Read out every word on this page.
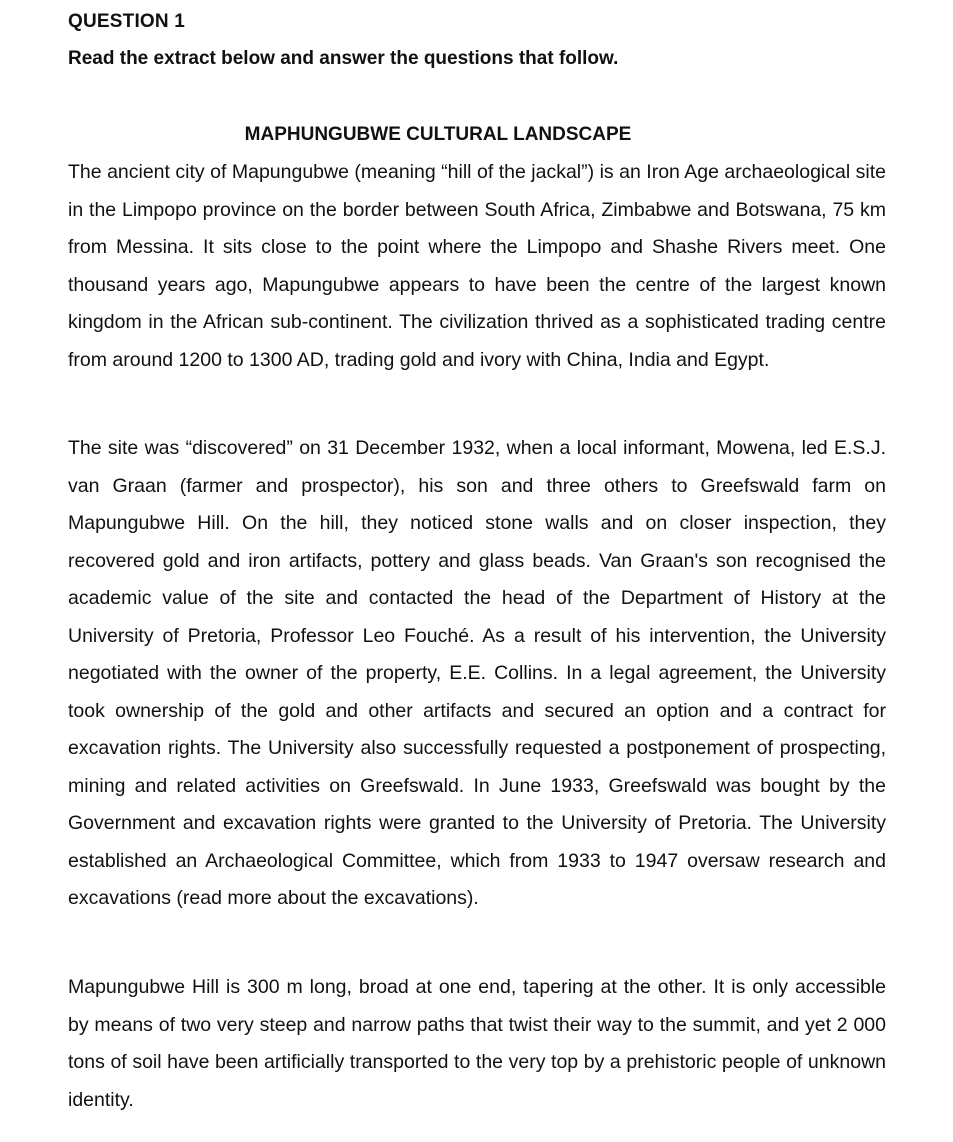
QUESTION 1

Read the extract below and answer the questions that follow.

MAPHUNGUBWE CULTURAL LANDSCAPE

The ancient city of Mapungubwe (meaning “hill of the jackal”) is an Iron Age archaeological site in the Limpopo province on the border between South Africa, Zimbabwe and Botswana, 75 km from Messina. It sits close to the point where the Limpopo and Shashe Rivers meet. One thousand years ago, Mapungubwe appears to have been the centre of the largest known kingdom in the African sub-continent. The civilization thrived as a sophisticated trading centre from around 1200 to 1300 AD, trading gold and ivory with China, India and Egypt.

The site was “discovered” on 31 December 1932, when a local informant, Mowena, led E.S.J. van Graan (farmer and prospector), his son and three others to Greefswald farm on Mapungubwe Hill. On the hill, they noticed stone walls and on closer inspection, they recovered gold and iron artifacts, pottery and glass beads. Van Graan's son recognised the academic value of the site and contacted the head of the Department of History at the University of Pretoria, Professor Leo Fouché. As a result of his intervention, the University negotiated with the owner of the property, E.E. Collins. In a legal agreement, the University took ownership of the gold and other artifacts and secured an option and a contract for excavation rights. The University also successfully requested a postponement of prospecting, mining and related activities on Greefswald. In June 1933, Greefswald was bought by the Government and excavation rights were granted to the University of Pretoria. The University established an Archaeological Committee, which from 1933 to 1947 oversaw research and excavations (read more about the excavations).

Mapungubwe Hill is 300 m long, broad at one end, tapering at the other. It is only accessible by means of two very steep and narrow paths that twist their way to the summit, and yet 2 000 tons of soil have been artificially transported to the very top by a prehistoric people of unknown identity.
